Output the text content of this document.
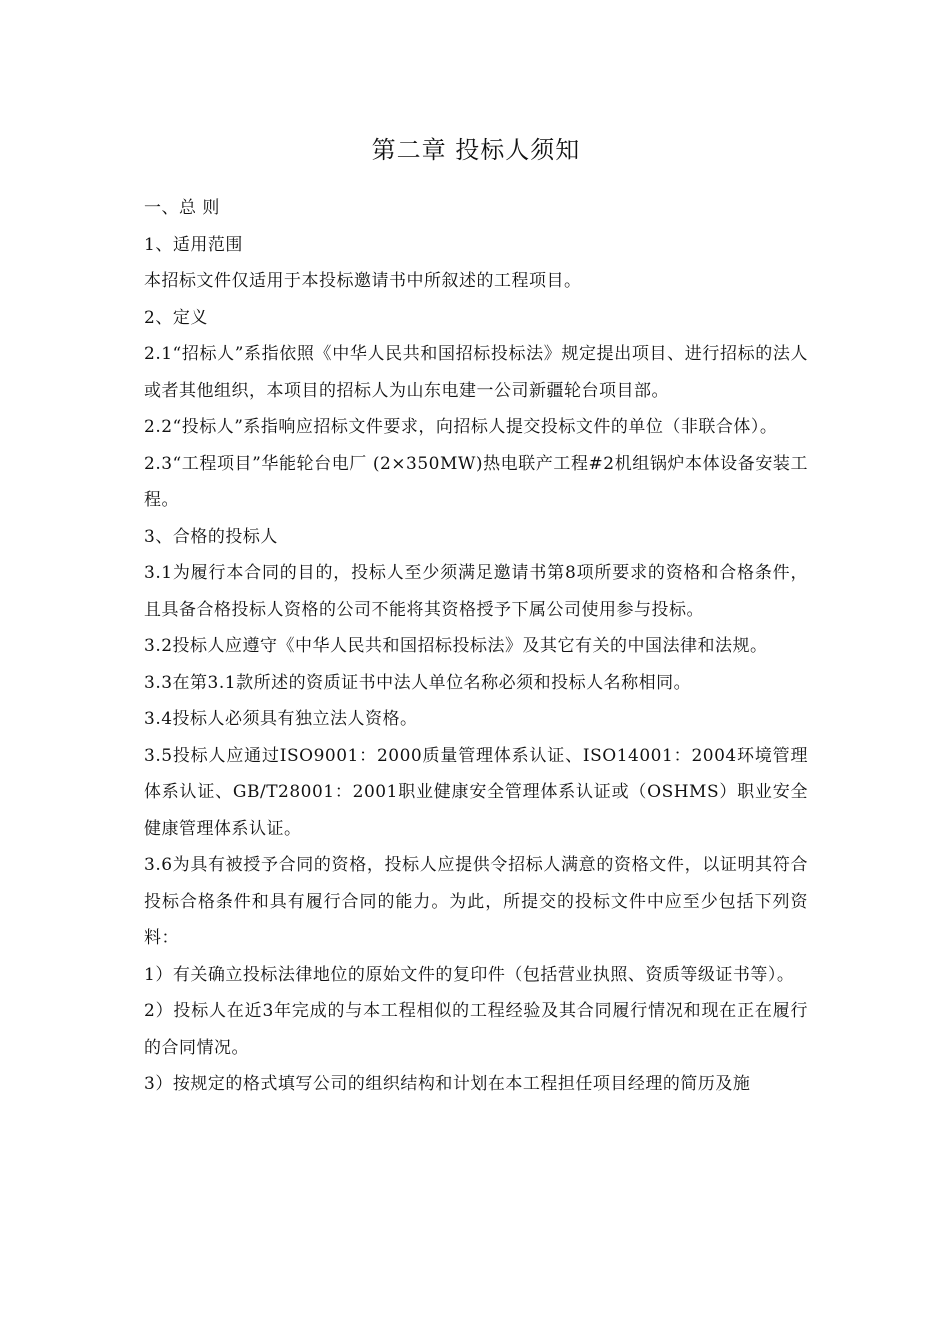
第二章 投标人须知

一、总 则

1、适用范围

本招标文件仅适用于本投标邀请书中所叙述的工程项目。

2、定义

2.1“招标人”系指依照《中华人民共和国招标投标法》规定提出项目、进行招标的法人或者其他组织，本项目的招标人为山东电建一公司新疆轮台项目部。

2.2“投标人”系指响应招标文件要求，向招标人提交投标文件的单位（非联合体）。

2.3“工程项目”华能轮台电厂 (2×350MW)热电联产工程#2机组锅炉本体设备安装工程。

3、合格的投标人

3.1为履行本合同的目的，投标人至少须满足邀请书第8项所要求的资格和合格条件，且具备合格投标人资格的公司不能将其资格授予下属公司使用参与投标。

3.2投标人应遵守《中华人民共和国招标投标法》及其它有关的中国法律和法规。

3.3在第3.1款所述的资质证书中法人单位名称必须和投标人名称相同。

3.4投标人必须具有独立法人资格。

3.5投标人应通过ISO9001：2000质量管理体系认证、ISO14001：2004环境管理体系认证、GB/T28001：2001职业健康安全管理体系认证或（OSHMS）职业安全健康管理体系认证。

3.6为具有被授予合同的资格，投标人应提供令招标人满意的资格文件，以证明其符合投标合格条件和具有履行合同的能力。为此，所提交的投标文件中应至少包括下列资料：

1）有关确立投标法律地位的原始文件的复印件（包括营业执照、资质等级证书等）。

2）投标人在近3年完成的与本工程相似的工程经验及其合同履行情况和现在正在履行的合同情况。

3）按规定的格式填写公司的组织结构和计划在本工程担任项目经理的简历及施
